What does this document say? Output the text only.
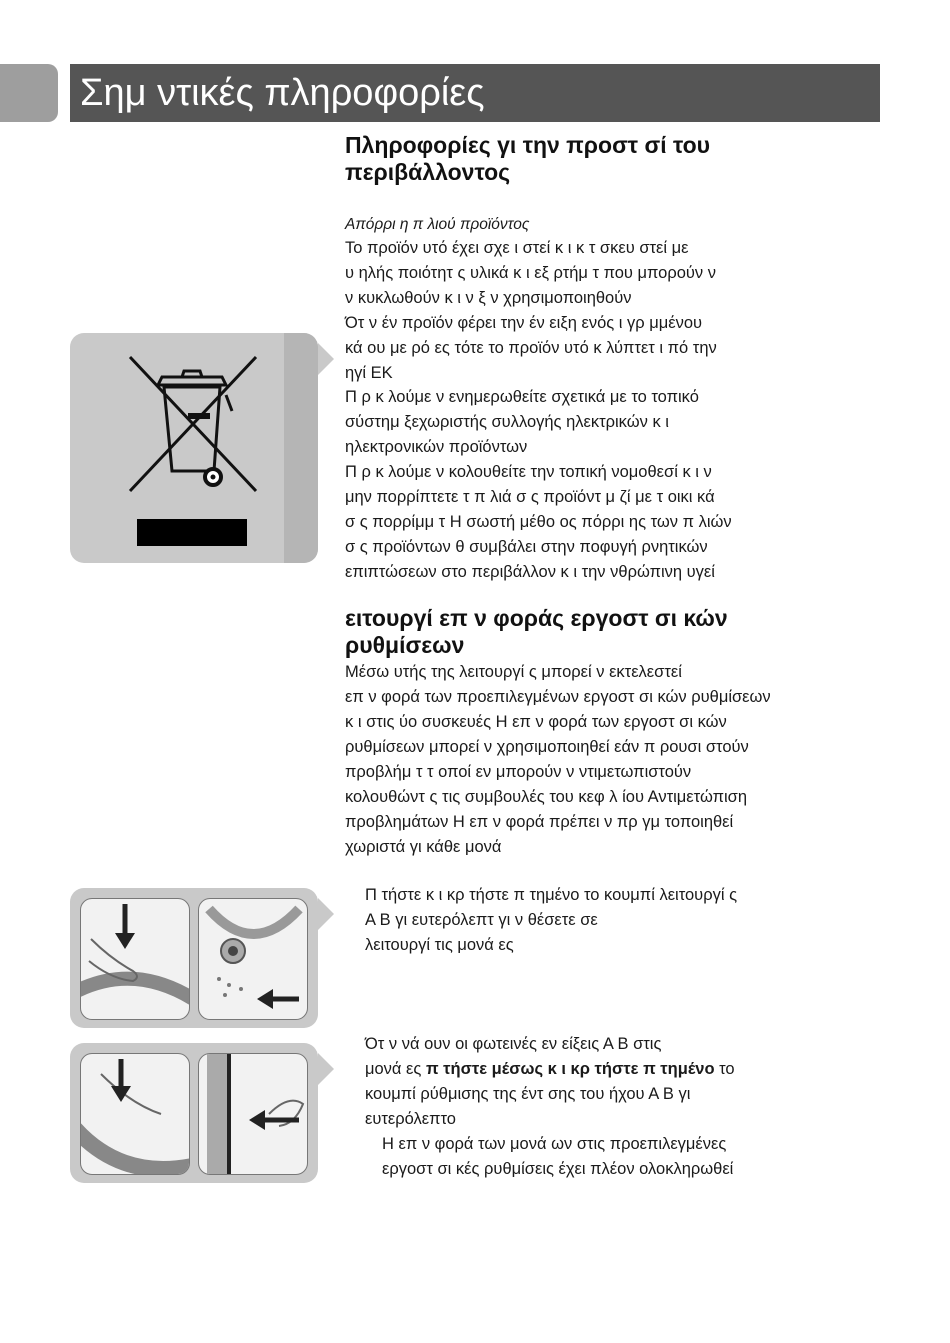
Σημ ντικές πληροφορίες
Πληροφορίες γι την προστ σί του
περιβάλλοντος

Απόρρι η π λιού προϊόντος

Το προϊόν υτό έχει σχε ι στεί κ ι κ τ σκευ στεί με

υ ηλής ποιότητ ς υλικά κ ι εξ ρτήμ τ που μπορούν ν

ν κυκλωθούν κ ι ν ξ ν χρησιμοποιηθούν

Ότ ν έν προϊόν φέρει την έν ειξη ενός ι γρ μμένου

κά ου με ρό ες τότε το προϊόν υτό κ λύπτετ ι πό την

ηγί ΕΚ

Π ρ κ λούμε ν ενημερωθείτε σχετικά με το τοπικό

σύστημ ξεχωριστής συλλογής ηλεκτρικών κ ι

ηλεκτρονικών προϊόντων

Π ρ κ λούμε ν κολουθείτε την τοπική νομοθεσί κ ι ν

μην πορρίπτετε τ π λιά σ ς προϊόντ μ ζί με τ οικι κά

σ ς πορρίμμ τ Η σωστή μέθο ος πόρρι ης των π λιών

σ ς προϊόντων θ συμβάλει στην ποφυγή ρνητικών

επιπτώσεων στο περιβάλλον κ ι την νθρώπινη υγεί

ειτουργί επ ν φοράς εργοστ σι κών
ρυθμίσεων

Μέσω υτής της λειτουργί ς μπορεί ν εκτελεστεί

επ ν φορά των προεπιλεγμένων εργοστ σι κών ρυθμίσεων

κ ι στις ύο συσκευές Η επ ν φορά των εργοστ σι κών

ρυθμίσεων μπορεί ν χρησιμοποιηθεί εάν π ρουσι στούν

προβλήμ τ τ οποί εν μπορούν ν ντιμετωπιστούν

κολουθώντ ς τις συμβουλές του κεφ λ ίου Αντιμετώπιση

προβλημάτων Η επ ν φορά πρέπει ν πρ γμ τοποιηθεί

χωριστά γι κάθε μονά

Π τήστε κ ι κρ τήστε π τημένο το κουμπί λειτουργί ς

Α Β γι ευτερόλεπτ γι ν θέσετε σε

λειτουργί τις μονά ες

Ότ ν νά ουν οι φωτεινές εν είξεις Α Β στις

μονά ες π τήστε μέσως κ ι κρ τήστε π τημένο το

κουμπί ρύθμισης της έντ σης του ήχου Α Β γι

ευτερόλεπτο

Η επ ν φορά των μονά ων στις προεπιλεγμένες

εργοστ σι κές ρυθμίσεις έχει πλέον ολοκληρωθεί
